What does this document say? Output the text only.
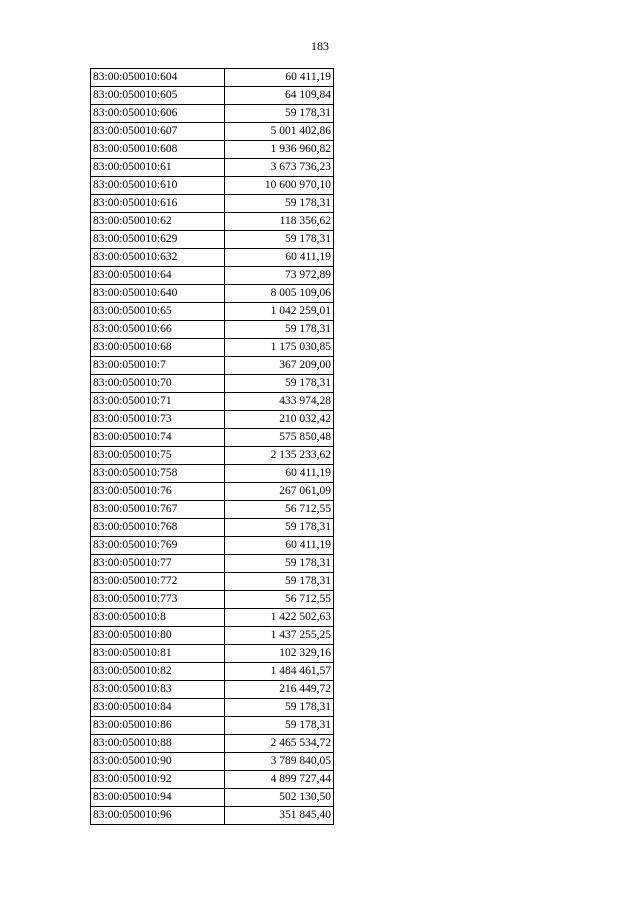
183
83:00:050010:604	60 411,19
83:00:050010:605	64 109,84
83:00:050010:606	59 178,31
83:00:050010:607	5 001 402,86
83:00:050010:608	1 936 960,82
83:00:050010:61	3 673 736,23
83:00:050010:610	10 600 970,10
83:00:050010:616	59 178,31
83:00:050010:62	118 356,62
83:00:050010:629	59 178,31
83:00:050010:632	60 411,19
83:00:050010:64	73 972,89
83:00:050010:640	8 005 109,06
83:00:050010:65	1 042 259,01
83:00:050010:66	59 178,31
83:00:050010:68	1 175 030,85
83:00:050010:7	367 209,00
83:00:050010:70	59 178,31
83:00:050010:71	433 974,28
83:00:050010:73	210 032,42
83:00:050010:74	575 850,48
83:00:050010:75	2 135 233,62
83:00:050010:758	60 411,19
83:00:050010:76	267 061,09
83:00:050010:767	56 712,55
83:00:050010:768	59 178,31
83:00:050010:769	60 411,19
83:00:050010:77	59 178,31
83:00:050010:772	59 178,31
83:00:050010:773	56 712,55
83:00:050010:8	1 422 502,63
83:00:050010:80	1 437 255,25
83:00:050010:81	102 329,16
83:00:050010:82	1 484 461,57
83:00:050010:83	216 449,72
83:00:050010:84	59 178,31
83:00:050010:86	59 178,31
83:00:050010:88	2 465 534,72
83:00:050010:90	3 789 840,05
83:00:050010:92	4 899 727,44
83:00:050010:94	502 130,50
83:00:050010:96	351 845,40
